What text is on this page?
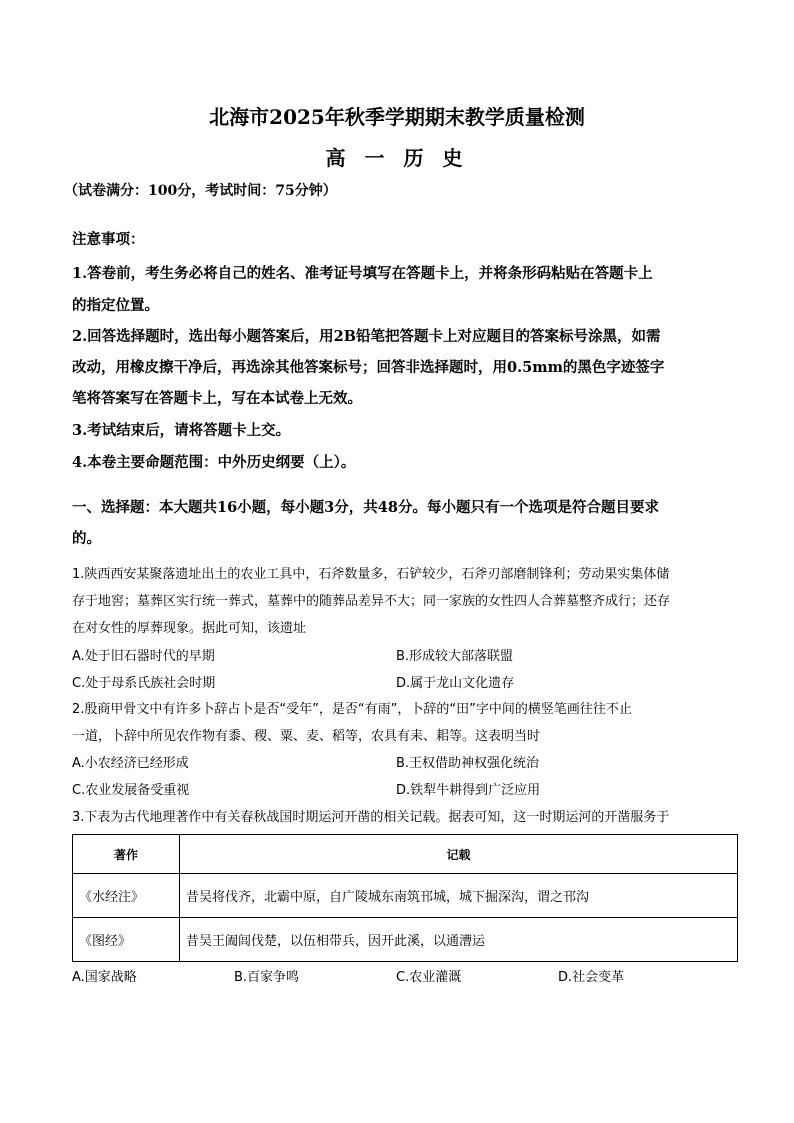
北海市2025年秋季学期期末教学质量检测
高 一 历 史
（试卷满分：100分，考试时间：75分钟）
注意事项：
1.答卷前，考生务必将自己的姓名、准考证号填写在答题卡上，并将条形码粘贴在答题卡上
的指定位置。
2.回答选择题时，选出每小题答案后，用2B铅笔把答题卡上对应题目的答案标号涂黑，如需
改动，用橡皮擦干净后，再选涂其他答案标号；回答非选择题时，用0.5mm的黑色字迹签字
笔将答案写在答题卡上，写在本试卷上无效。
3.考试结束后，请将答题卡上交。
4.本卷主要命题范围：中外历史纲要（上）。
一、选择题：本大题共16小题，每小题3分，共48分。每小题只有一个选项是符合题目要求
的。
1.陕西西安某聚落遗址出土的农业工具中，石斧数量多，石铲较少，石斧刃部磨制锋利；劳动果实集体储
存于地窖；墓葬区实行统一葬式，墓葬中的随葬品差异不大；同一家族的女性四人合葬墓整齐成行；还存
在对女性的厚葬现象。据此可知，该遗址
A.处于旧石器时代的早期	B.形成较大部落联盟
C.处于母系氏族社会时期	D.属于龙山文化遗存
2.殷商甲骨文中有许多卜辞占卜是否“受年”，是否“有雨”，卜辞的“田”字中间的横竖笔画往往不止
一道，卜辞中所见农作物有黍、稷、粟、麦、稻等，农具有耒、耜等。这表明当时
A.小农经济已经形成	B.王权借助神权强化统治
C.农业发展备受重视	D.铁犁牛耕得到广泛应用
3.下表为古代地理著作中有关春秋战国时期运河开凿的相关记载。据表可知，这一时期运河的开凿服务于
著作	记载
《水经注》	昔吴将伐齐，北霸中原，自广陵城东南筑邗城，城下掘深沟，谓之邗沟
《图经》	昔吴王阖闾伐楚，以伍相带兵，因开此溪，以通漕运
A.国家战略	B.百家争鸣	C.农业灌溉	D.社会变革
